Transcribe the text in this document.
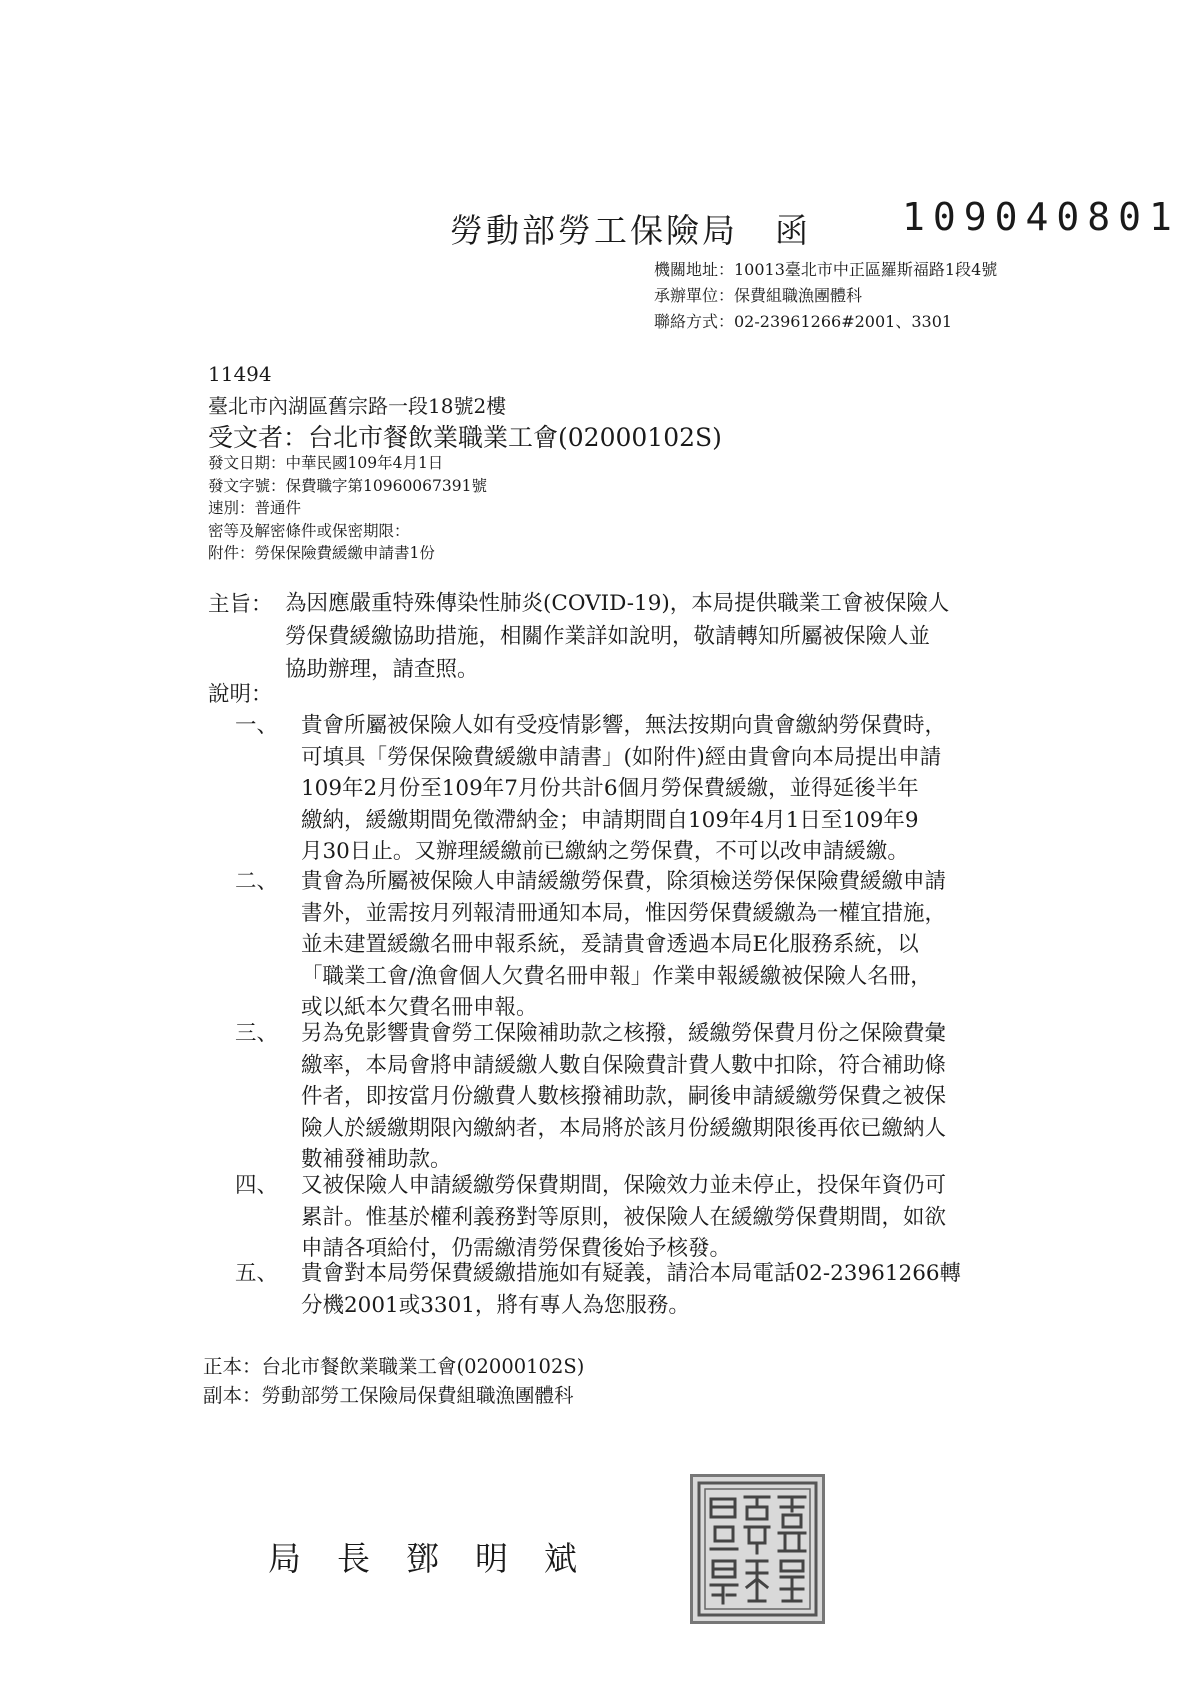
勞動部勞工保險局 函 109040801
機關地址：10013臺北市中正區羅斯福路1段4號
承辦單位：保費組職漁團體科
聯絡方式：02-23961266#2001、3301
11494
臺北市內湖區舊宗路一段18號2樓
受文者：台北市餐飲業職業工會(02000102S)
發文日期：中華民國109年4月1日
發文字號：保費職字第10960067391號
速別：普通件
密等及解密條件或保密期限：
附件：勞保保險費緩繳申請書1份
主旨： 為因應嚴重特殊傳染性肺炎(COVID-19)，本局提供職業工會被保險人
勞保費緩繳協助措施，相關作業詳如說明，敬請轉知所屬被保險人並
協助辦理，請查照。
說明：
一、	貴會所屬被保險人如有受疫情影響，無法按期向貴會繳納勞保費時，
可填具「勞保保險費緩繳申請書」(如附件)經由貴會向本局提出申請
109年2月份至109年7月份共計6個月勞保費緩繳，並得延後半年
繳納，緩繳期間免徵滯納金；申請期間自109年4月1日至109年9
月30日止。又辦理緩繳前已繳納之勞保費，不可以改申請緩繳。
二、	貴會為所屬被保險人申請緩繳勞保費，除須檢送勞保保險費緩繳申請
書外，並需按月列報清冊通知本局，惟因勞保費緩繳為一權宜措施，
並未建置緩繳名冊申報系統，爰請貴會透過本局E化服務系統，以
「職業工會/漁會個人欠費名冊申報」作業申報緩繳被保險人名冊，
或以紙本欠費名冊申報。
三、	另為免影響貴會勞工保險補助款之核撥，緩繳勞保費月份之保險費彙
繳率，本局會將申請緩繳人數自保險費計費人數中扣除，符合補助條
件者，即按當月份繳費人數核撥補助款，嗣後申請緩繳勞保費之被保
險人於緩繳期限內繳納者，本局將於該月份緩繳期限後再依已繳納人
數補發補助款。
四、	又被保險人申請緩繳勞保費期間，保險效力並未停止，投保年資仍可
累計。惟基於權利義務對等原則，被保險人在緩繳勞保費期間，如欲
申請各項給付，仍需繳清勞保費後始予核發。
五、	貴會對本局勞保費緩繳措施如有疑義，請洽本局電話02-23961266轉
分機2001或3301，將有專人為您服務。
正本：台北市餐飲業職業工會(02000102S)
副本：勞動部勞工保險局保費組職漁團體科
局長鄧明斌
